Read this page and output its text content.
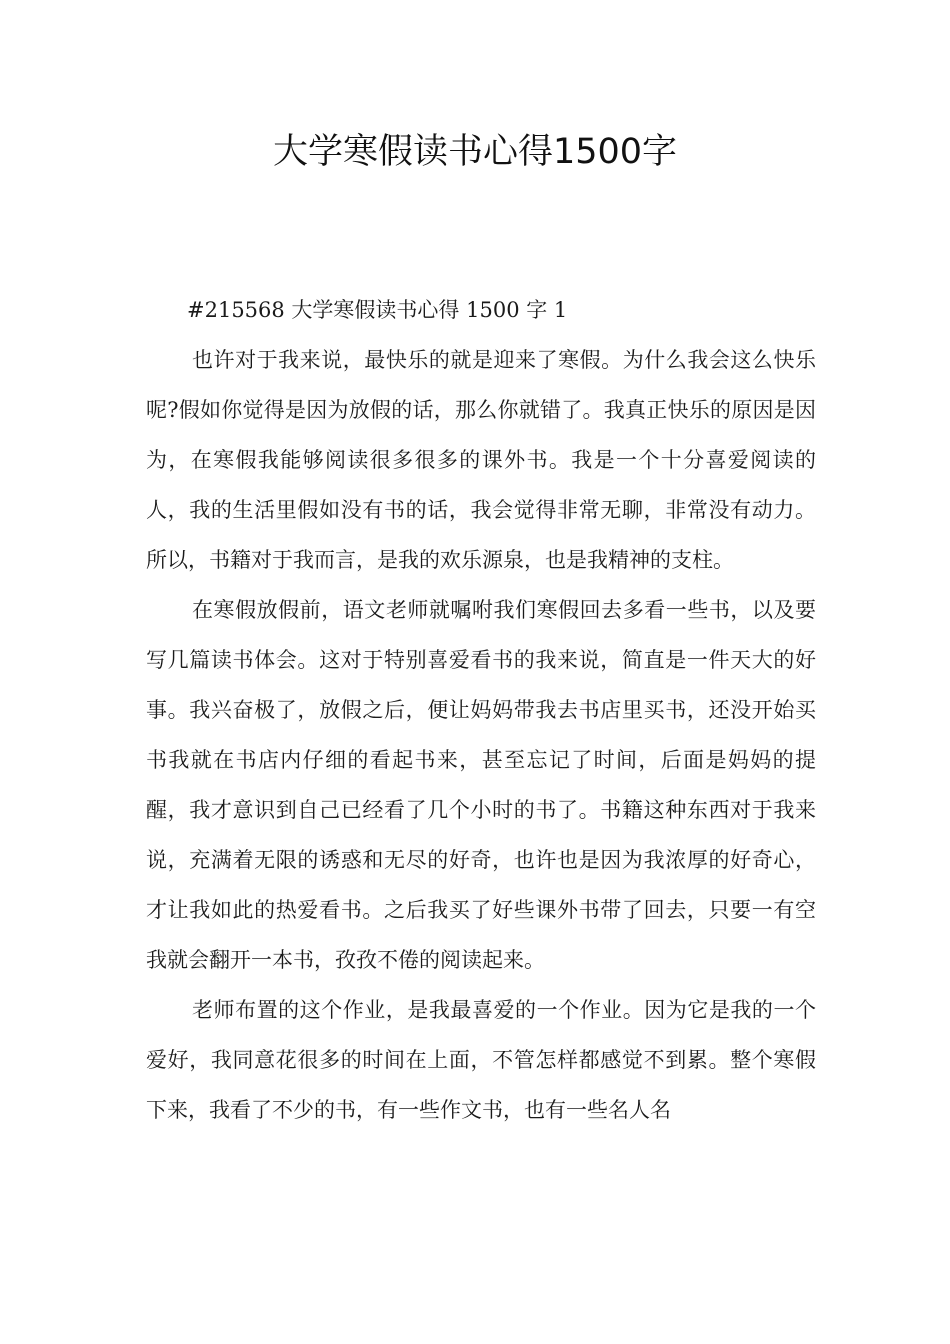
大学寒假读书心得1500字

#215568 大学寒假读书心得 1500 字 1

也许对于我来说，最快乐的就是迎来了寒假。为什么我会这么快乐呢?假如你觉得是因为放假的话，那么你就错了。我真正快乐的原因是因为，在寒假我能够阅读很多很多的课外书。我是一个十分喜爱阅读的人，我的生活里假如没有书的话，我会觉得非常无聊，非常没有动力。所以，书籍对于我而言，是我的欢乐源泉，也是我精神的支柱。

在寒假放假前，语文老师就嘱咐我们寒假回去多看一些书，以及要写几篇读书体会。这对于特别喜爱看书的我来说，简直是一件天大的好事。我兴奋极了，放假之后，便让妈妈带我去书店里买书，还没开始买书我就在书店内仔细的看起书来，甚至忘记了时间，后面是妈妈的提醒，我才意识到自己已经看了几个小时的书了。书籍这种东西对于我来说，充满着无限的诱惑和无尽的好奇，也许也是因为我浓厚的好奇心，才让我如此的热爱看书。之后我买了好些课外书带了回去，只要一有空我就会翻开一本书，孜孜不倦的阅读起来。

老师布置的这个作业，是我最喜爱的一个作业。因为它是我的一个爱好，我同意花很多的时间在上面，不管怎样都感觉不到累。整个寒假下来，我看了不少的书，有一些作文书，也有一些名人名
